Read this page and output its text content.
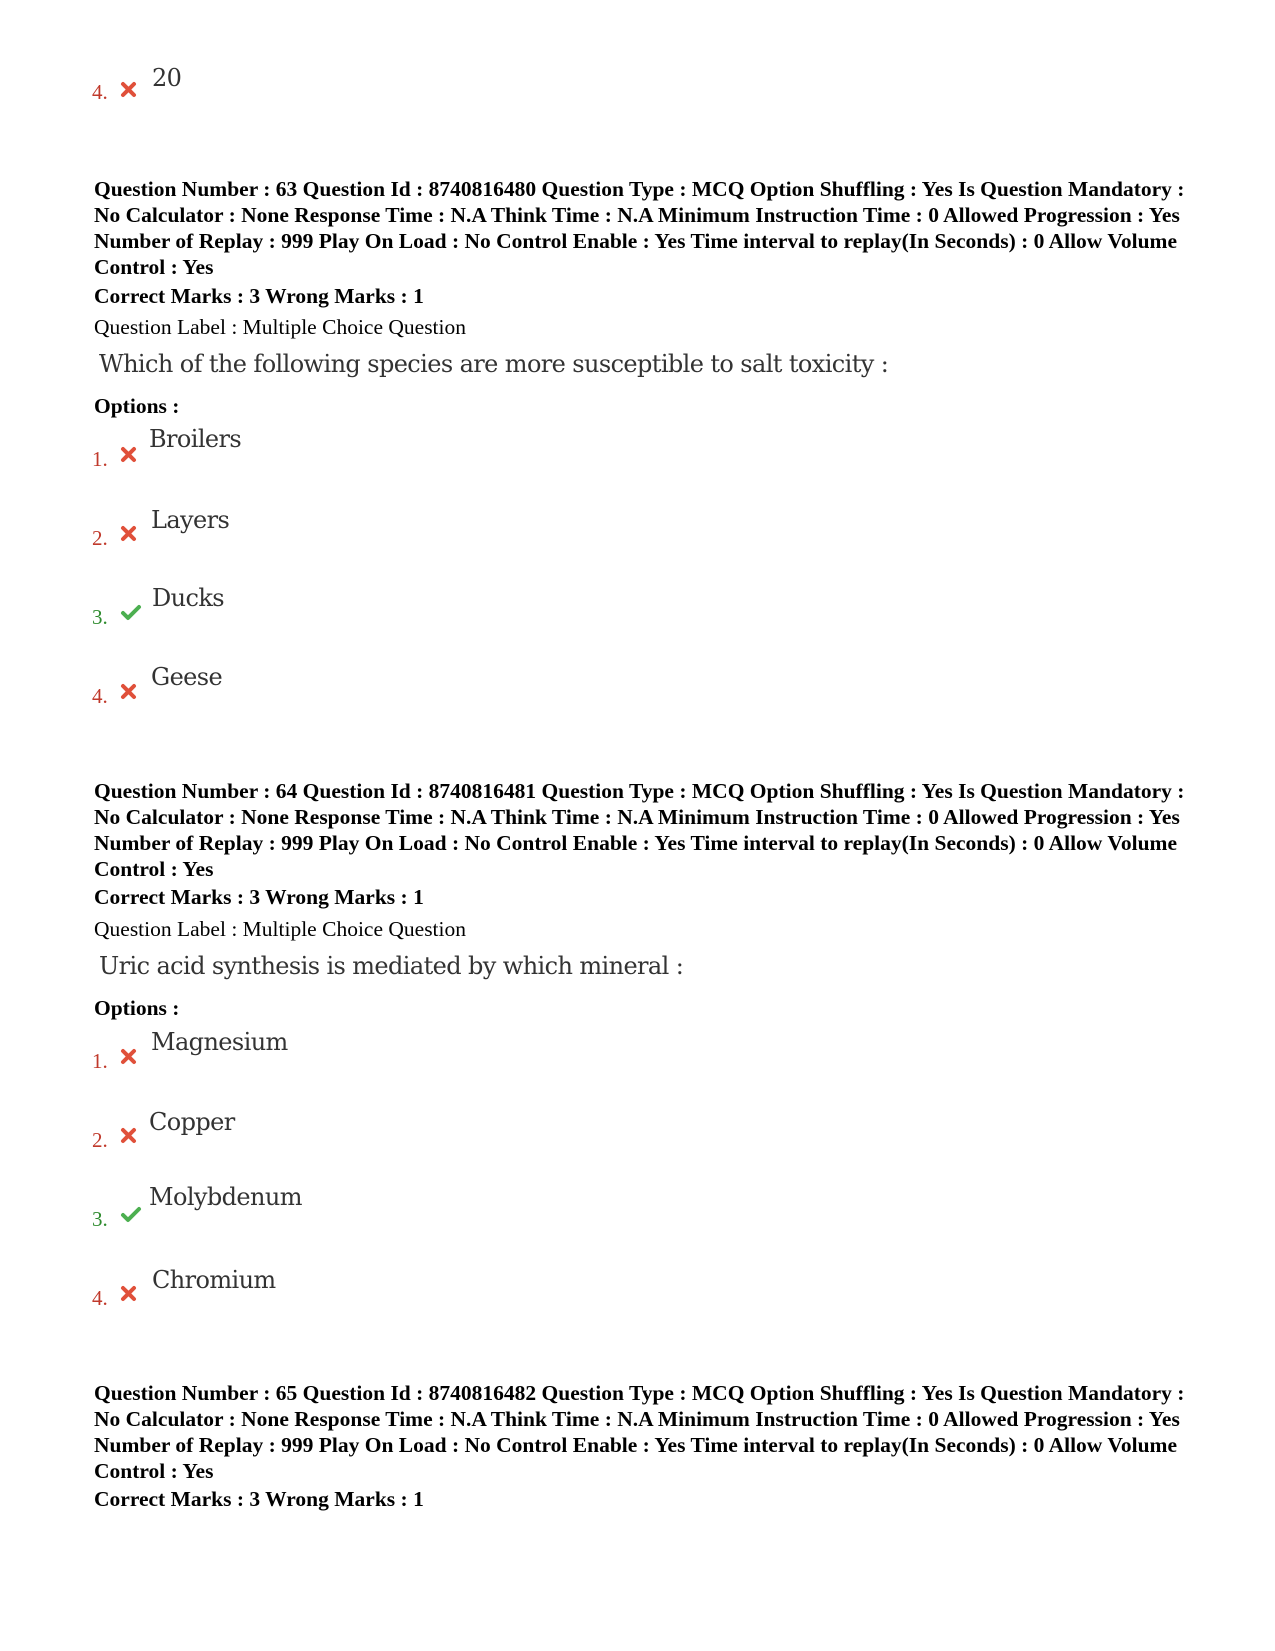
4. 20
Question Number : 63 Question Id : 8740816480 Question Type : MCQ Option Shuffling : Yes Is Question Mandatory : No Calculator : None Response Time : N.A Think Time : N.A Minimum Instruction Time : 0 Allowed Progression : Yes Number of Replay : 999 Play On Load : No Control Enable : Yes Time interval to replay(In Seconds) : 0 Allow Volume Control : Yes
Correct Marks : 3 Wrong Marks : 1
Question Label : Multiple Choice Question
Which of the following species are more susceptible to salt toxicity :
Options :
1.
Broilers
2.
Layers
3.
Ducks
4.
Geese
Question Number : 64 Question Id : 8740816481 Question Type : MCQ Option Shuffling : Yes Is Question Mandatory : No Calculator : None Response Time : N.A Think Time : N.A Minimum Instruction Time : 0 Allowed Progression : Yes Number of Replay : 999 Play On Load : No Control Enable : Yes Time interval to replay(In Seconds) : 0 Allow Volume Control : Yes
Correct Marks : 3 Wrong Marks : 1
Question Label : Multiple Choice Question
Uric acid synthesis is mediated by which mineral :
Options :
1.
Magnesium
2.
Copper
3.
Molybdenum
4.
Chromium
Question Number : 65 Question Id : 8740816482 Question Type : MCQ Option Shuffling : Yes Is Question Mandatory : No Calculator : None Response Time : N.A Think Time : N.A Minimum Instruction Time : 0 Allowed Progression : Yes Number of Replay : 999 Play On Load : No Control Enable : Yes Time interval to replay(In Seconds) : 0 Allow Volume Control : Yes
Correct Marks : 3 Wrong Marks : 1
